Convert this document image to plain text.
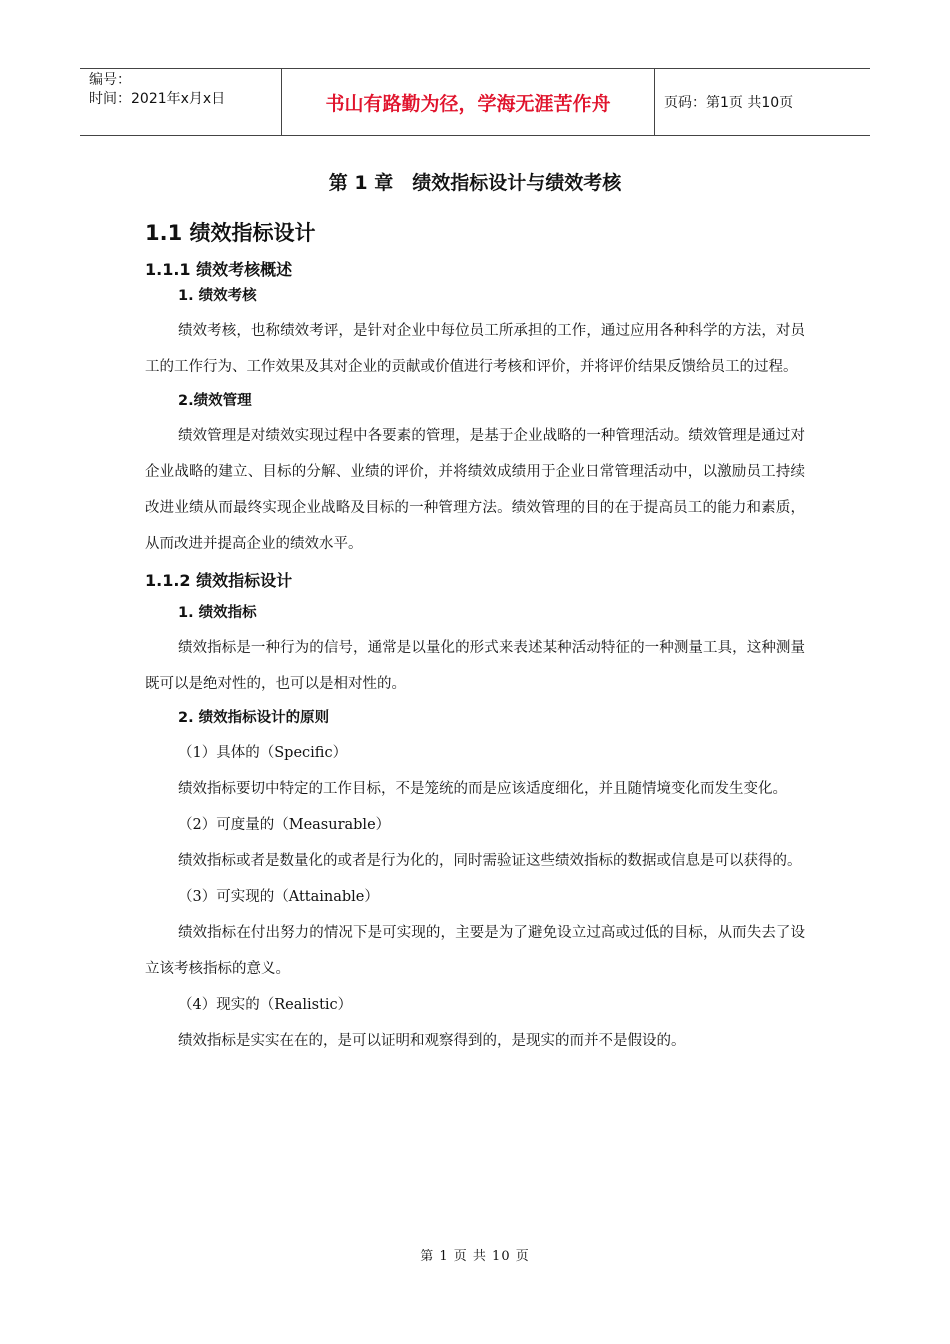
编号：
时间：2021年x月x日	书山有路勤为径，学海无涯苦作舟	页码：第1页 共10页
第 1 章　绩效指标设计与绩效考核
1.1 绩效指标设计
1.1.1 绩效考核概述
1. 绩效考核

绩效考核，也称绩效考评，是针对企业中每位员工所承担的工作，通过应用各种科学的方法，对员工的工作行为、工作效果及其对企业的贡献或价值进行考核和评价，并将评价结果反馈给员工的过程。

2.绩效管理

绩效管理是对绩效实现过程中各要素的管理，是基于企业战略的一种管理活动。绩效管理是通过对企业战略的建立、目标的分解、业绩的评价，并将绩效成绩用于企业日常管理活动中，以激励员工持续改进业绩从而最终实现企业战略及目标的一种管理方法。绩效管理的目的在于提高员工的能力和素质，从而改进并提高企业的绩效水平。

1.1.2 绩效指标设计
1. 绩效指标

绩效指标是一种行为的信号，通常是以量化的形式来表述某种活动特征的一种测量工具，这种测量既可以是绝对性的，也可以是相对性的。

2. 绩效指标设计的原则
（1）具体的（Specific）

绩效指标要切中特定的工作目标，不是笼统的而是应该适度细化，并且随情境变化而发生变化。

（2）可度量的（Measurable）

绩效指标或者是数量化的或者是行为化的，同时需验证这些绩效指标的数据或信息是可以获得的。

（3）可实现的（Attainable）

绩效指标在付出努力的情况下是可实现的，主要是为了避免设立过高或过低的目标，从而失去了设立该考核指标的意义。

（4）现实的（Realistic）

绩效指标是实实在在的，是可以证明和观察得到的，是现实的而并不是假设的。

第 1 页 共 10 页
